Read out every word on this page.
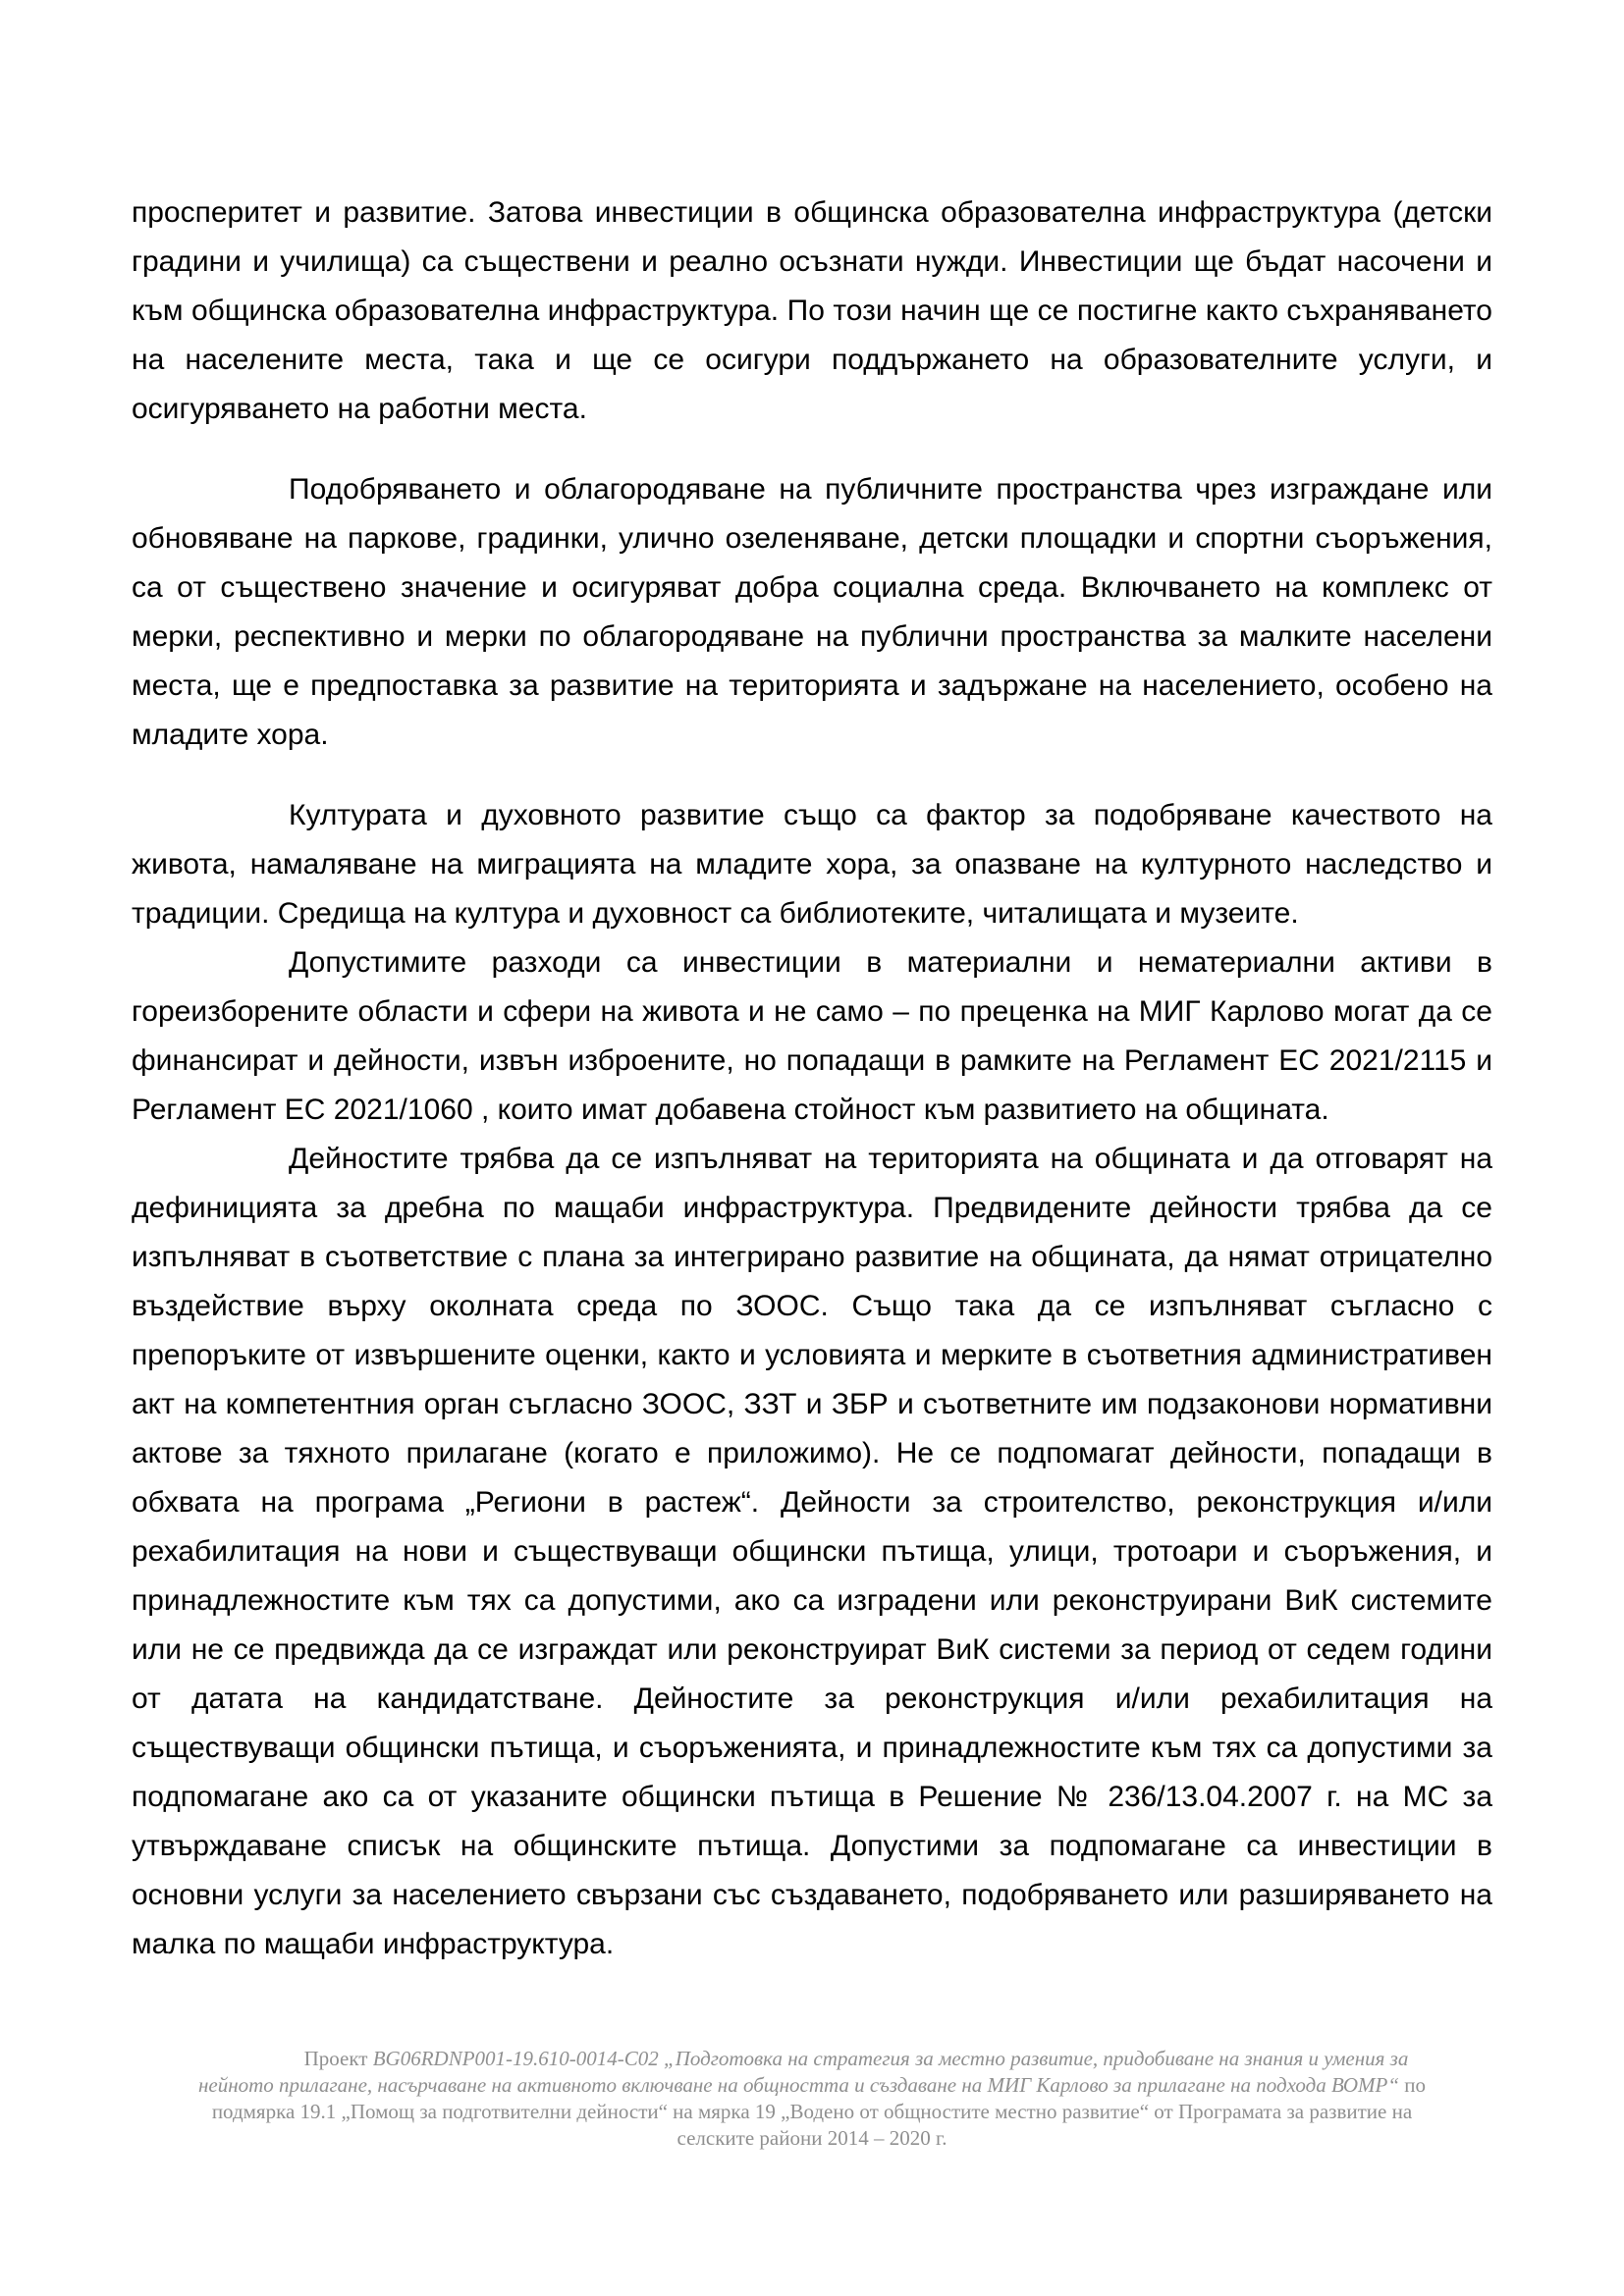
просперитет и развитие. Затова инвестиции в общинска образователна инфраструктура (детски градини и училища) са съществени и реално осъзнати нужди. Инвестиции ще бъдат насочени и към общинска образователна инфраструктура. По този начин ще се постигне както съхраняването на населените места, така и ще се осигури поддържането на образователните услуги, и осигуряването на работни места.

Подобряването и облагородяване на публичните пространства чрез изграждане или обновяване на паркове, градинки, улично озеленяване, детски площадки и спортни съоръжения, са от съществено значение и осигуряват добра социална среда. Включването на комплекс от мерки, респективно и мерки по облагородяване на публични пространства за малките населени места, ще е предпоставка за развитие на територията и задържане на населението, особено на младите хора.

Културата и духовното развитие също са фактор за подобряване качеството на живота, намаляване на миграцията на младите хора, за опазване на културното наследство и традиции. Средища на култура и духовност са библиотеките, читалищата и музеите.

Допустимите разходи са инвестиции в материални и нематериални активи в гореизборените области и сфери на живота и не само – по преценка на МИГ Карлово могат да се финансират и дейности, извън изброените, но попадащи в рамките на Регламент ЕС 2021/2115 и Регламент ЕС 2021/1060 , които имат добавена стойност към развитието на общината.

Дейностите трябва да се изпълняват на територията на общината и да отговарят на дефиницията за дребна по мащаби инфраструктура. Предвидените дейности трябва да се изпълняват в съответствие с плана за интегрирано развитие на общината, да нямат отрицателно въздействие върху околната среда по ЗООС. Също така да се изпълняват съгласно с препоръките от извършените оценки, както и условията и мерките в съответния административен акт на компетентния орган съгласно ЗООС, ЗЗТ и ЗБР и съответните им подзаконови нормативни актове за тяхното прилагане (когато е приложимо). Не се подпомагат дейности, попадащи в обхвата на програма „Региони в растеж“. Дейности за строителство, реконструкция и/или рехабилитация на нови и съществуващи общински пътища, улици, тротоари и съоръжения, и принадлежностите към тях са допустими, ако са изградени или реконструирани ВиК системите или не се предвижда да се изграждат или реконструират ВиК системи за период от седем години от датата на кандидатстване. Дейностите за реконструкция и/или рехабилитация на съществуващи общински пътища, и съоръженията, и принадлежностите към тях са допустими за подпомагане ако са от указаните общински пътища в Решение № 236/13.04.2007 г. на МС за утвърждаване списък на общинските пътища. Допустими за подпомагане са инвестиции в основни услуги за населението свързани със създаването, подобряването или разширяването на малка по мащаби инфраструктура.

Проект BG06RDNP001-19.610-0014-C02 „Подготовка на стратегия за местно развитие, придобиване на знания и умения за
нейното прилагане, насърчаване на активното включване на общността и създаване на МИГ Карлово за прилагане на подхода ВОМР“ по
подмярка 19.1 „Помощ за подготвителни дейности“ на мярка 19 „Водено от общностите местно развитие“ от Програмата за развитие на
селските райони 2014 – 2020 г.
